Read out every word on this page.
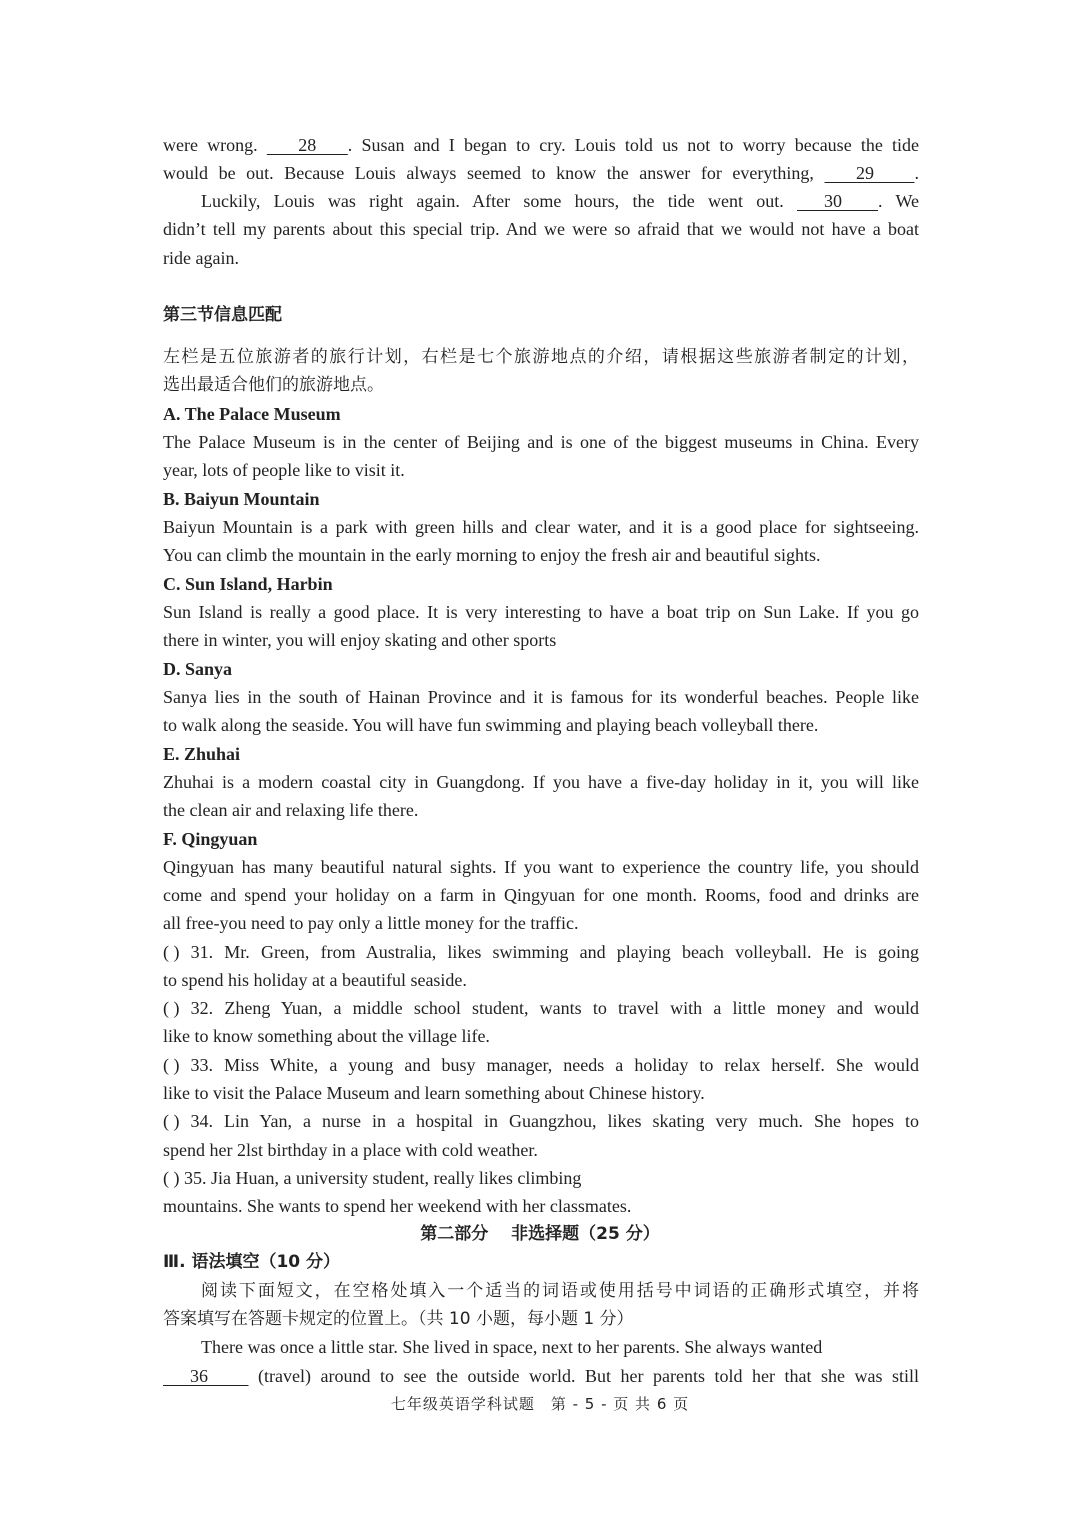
were wrong.        28       . Susan and I began to cry. Louis told us not to worry because the tide
would be out. Because Louis always seemed to know the answer for everything,        29         .
Luckily, Louis was right again. After some hours, the tide went out.       30        . We
didn’t tell my parents about this special trip. And we were so afraid that we would not have a boat
ride again.
第三节信息匹配
左栏是五位旅游者的旅行计划，右栏是七个旅游地点的介绍，请根据这些旅游者制定的计划，
选出最适合他们的旅游地点。
A. The Palace Museum
The Palace Museum is in the center of Beijing and is one of the biggest museums in China. Every
year, lots of people like to visit it.
B. Baiyun Mountain
Baiyun Mountain is a park with green hills and clear water, and it is a good place for sightseeing.
You can climb the mountain in the early morning to enjoy the fresh air and beautiful sights.
C. Sun Island, Harbin
Sun Island is really a good place. It is very interesting to have a boat trip on Sun Lake. If you go
there in winter, you will enjoy skating and other sports
D. Sanya
Sanya lies in the south of Hainan Province and it is famous for its wonderful beaches. People like
to walk along the seaside. You will have fun swimming and playing beach volleyball there.
E. Zhuhai
Zhuhai is a modern coastal city in Guangdong. If you have a five-day holiday in it, you will like
the clean air and relaxing life there.
F. Qingyuan
Qingyuan has many beautiful natural sights. If you want to experience the country life, you should
come and spend your holiday on a farm in Qingyuan for one month. Rooms, food and drinks are
all free-you need to pay only a little money for the traffic.
( ) 31. Mr. Green, from Australia, likes swimming and playing beach volleyball. He is going
to spend his holiday at a beautiful seaside.
( ) 32. Zheng Yuan, a middle school student, wants to travel with a little money and would
like to know something about the village life.
( ) 33. Miss White, a young and busy manager, needs a holiday to relax herself. She would
like to visit the Palace Museum and learn something about Chinese history.
( ) 34. Lin Yan, a nurse in a hospital in Guangzhou, likes skating very much. She hopes to
spend her 2lst birthday in a place with cold weather.
( ) 35. Jia Huan, a university student, really likes climbing
mountains. She wants to spend her weekend with her classmates.
第二部分　 非选择题（25 分）
Ⅲ. 语法填空（10 分）
阅读下面短文，在空格处填入一个适当的词语或使用括号中词语的正确形式填空，并将
答案填写在答题卡规定的位置上。（共 10 小题，每小题 1 分）
There was once a little star. She lived in space, next to her parents. She always wanted
36          (travel) around to see the outside world. But her parents told her that she was still
七年级英语学科试题　第 - 5 - 页 共 6 页
